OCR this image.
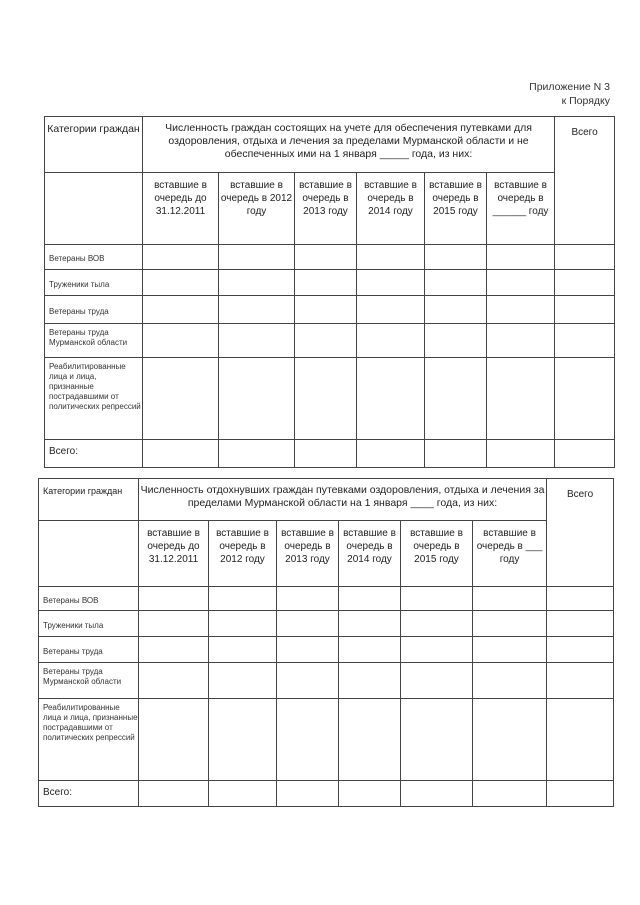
Приложение N 3
к Порядку
Категории граждан	Численность граждан состоящих на учете для обеспечения путевками для оздоровления, отдыха и лечения за пределами Мурманской области и не обеспеченных ими на 1 января _____ года, из них:						Всего
	вставшие в очередь до 31.12.2011	вставшие в очередь в 2012 году	вставшие в очередь в 2013 году	вставшие в очередь в 2014 году	вставшие в очередь в 2015 году	вставшие в очередь в ______ году	
Ветераны ВОВ							
Труженики тыла							
Ветераны труда							
Ветераны труда Мурманской области							
Реабилитированные лица и лица, признанные пострадавшими от политических репрессий							
Всего:							
Категории граждан	Численность отдохнувших граждан путевками оздоровления, отдыха и лечения за пределами Мурманской области на 1 января ____ года, из них:						Всего
	вставшие в очередь до 31.12.2011	вставшие в очередь в 2012 году	вставшие в очередь в 2013 году	вставшие в очередь в 2014 году	вставшие в очередь в 2015 году	вставшие в очередь в ___ году	
Ветераны ВОВ							
Труженики тыла							
Ветераны труда							
Ветераны труда Мурманской области							
Реабилитированные лица и лица, признанные пострадавшими от политических репрессий							
Всего:							
